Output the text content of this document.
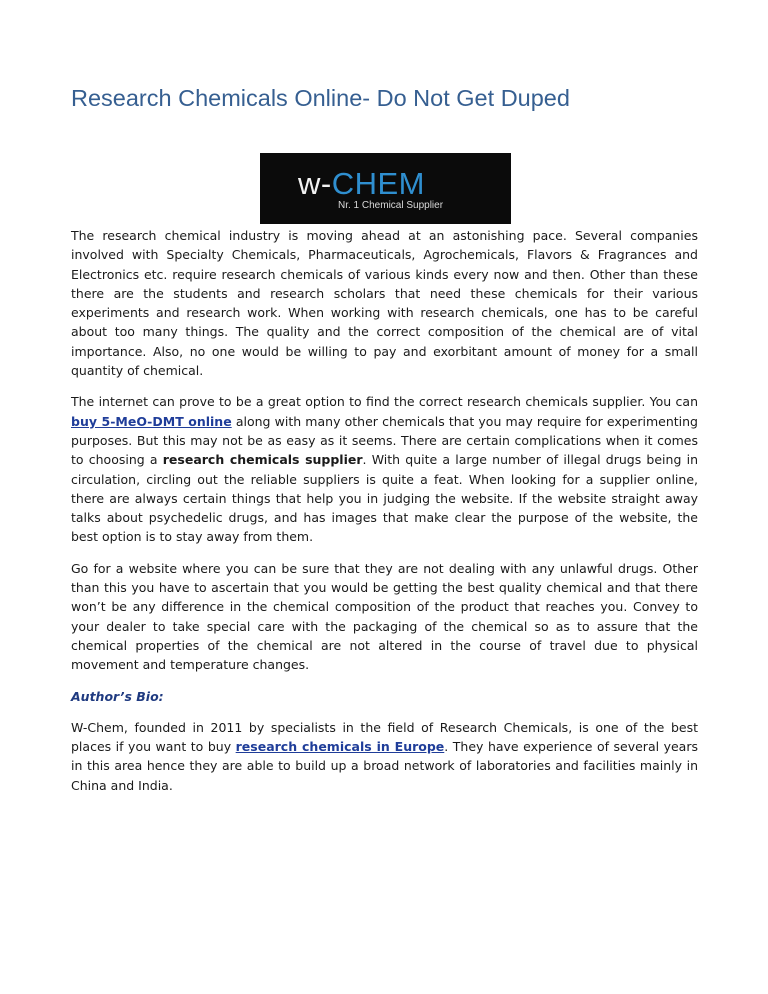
Research Chemicals Online- Do Not Get Duped
w-CHEM
Nr. 1 Chemical Supplier

The research chemical industry is moving ahead at an astonishing pace. Several companies involved with Specialty Chemicals, Pharmaceuticals, Agrochemicals, Flavors & Fragrances and Electronics etc. require research chemicals of various kinds every now and then. Other than these there are the students and research scholars that need these chemicals for their various experiments and research work. When working with research chemicals, one has to be careful about too many things. The quality and the correct composition of the chemical are of vital importance. Also, no one would be willing to pay and exorbitant amount of money for a small quantity of chemical.

The internet can prove to be a great option to find the correct research chemicals supplier. You can buy 5-MeO-DMT online along with many other chemicals that you may require for experimenting purposes. But this may not be as easy as it seems. There are certain complications when it comes to choosing a research chemicals supplier. With quite a large number of illegal drugs being in circulation, circling out the reliable suppliers is quite a feat. When looking for a supplier online, there are always certain things that help you in judging the website. If the website straight away talks about psychedelic drugs, and has images that make clear the purpose of the website, the best option is to stay away from them.

Go for a website where you can be sure that they are not dealing with any unlawful drugs. Other than this you have to ascertain that you would be getting the best quality chemical and that there won’t be any difference in the chemical composition of the product that reaches you. Convey to your dealer to take special care with the packaging of the chemical so as to assure that the chemical properties of the chemical are not altered in the course of travel due to physical movement and temperature changes.

Author’s Bio:

W-Chem, founded in 2011 by specialists in the field of Research Chemicals, is one of the best places if you want to buy research chemicals in Europe. They have experience of several years in this area hence they are able to build up a broad network of laboratories and facilities mainly in China and India.
